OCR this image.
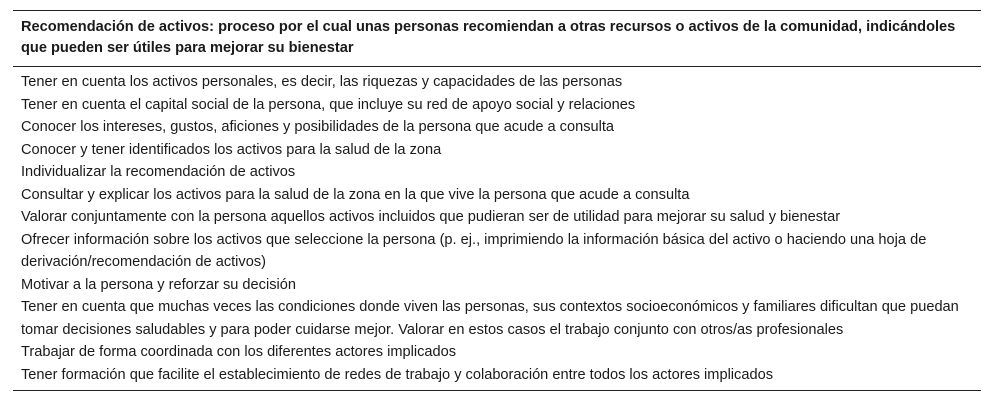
Recomendación de activos: proceso por el cual unas personas recomiendan a otras recursos o activos de la comunidad, indicándoles que pueden ser útiles para mejorar su bienestar
Tener en cuenta los activos personales, es decir, las riquezas y capacidades de las personas
Tener en cuenta el capital social de la persona, que incluye su red de apoyo social y relaciones
Conocer los intereses, gustos, aficiones y posibilidades de la persona que acude a consulta
Conocer y tener identificados los activos para la salud de la zona
Individualizar la recomendación de activos
Consultar y explicar los activos para la salud de la zona en la que vive la persona que acude a consulta
Valorar conjuntamente con la persona aquellos activos incluidos que pudieran ser de utilidad para mejorar su salud y bienestar
Ofrecer información sobre los activos que seleccione la persona (p. ej., imprimiendo la información básica del activo o haciendo una hoja de derivación/recomendación de activos)
Motivar a la persona y reforzar su decisión
Tener en cuenta que muchas veces las condiciones donde viven las personas, sus contextos socioeconómicos y familiares dificultan que puedan tomar decisiones saludables y para poder cuidarse mejor. Valorar en estos casos el trabajo conjunto con otros/as profesionales
Trabajar de forma coordinada con los diferentes actores implicados
Tener formación que facilite el establecimiento de redes de trabajo y colaboración entre todos los actores implicados
